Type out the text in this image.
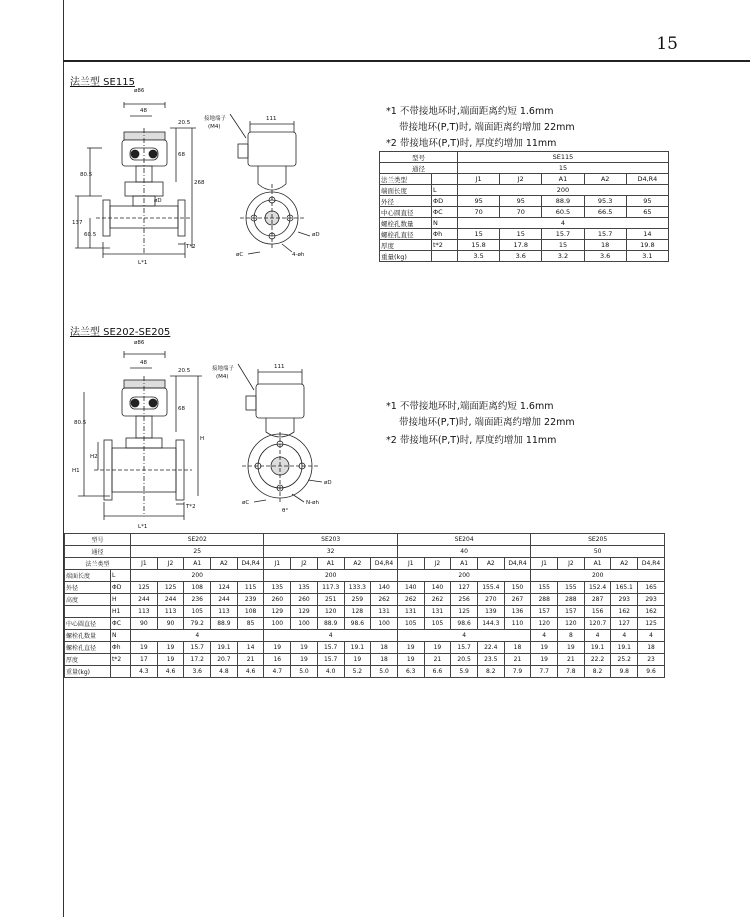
15
法兰型 SE115
ø86
48
20.5
68
268
80.5
137
60.5
øD
L*1
T*2
接地端子
(M4)
111
øD
øC	4-øh
*1 不带接地环时,端面距离约短 1.6mm
带接地环(P,T)时, 端面距离约增加 22mm
*2 带接地环(P,T)时, 厚度约增加 11mm
型号		SE115				
通径		15				
法兰类型		J1	J2	A1	A2	D4,R4
端面长度	L	200				
外径	ΦD	95	95	88.9	95.3	95
中心圆直径	ΦC	70	70	60.5	66.5	65
螺栓孔数量	N	4				
螺栓孔直径	Φh	15	15	15.7	15.7	14
厚度	t*2	15.8	17.8	15	18	19.8
重量(kg)		3.5	3.6	3.2	3.6	3.1
法兰型 SE202-SE205
ø86
48
20.5
68
H
80.5
H1
H2
L*1
T*2
接地端子
(M4)
111
øD
øC
θ°
N-øh
*1 不带接地环时,端面距离约短 1.6mm
带接地环(P,T)时, 端面距离约增加 22mm
*2 带接地环(P,T)时, 厚度约增加 11mm
型号		SE202					SE203					SE204					SE205				
通径		25					32					40					50				
法兰类型		J1	J2	A1	A2	D4,R4	J1	J2	A1	A2	D4,R4	J1	J2	A1	A2	D4,R4	J1	J2	A1	A2	D4,R4
端面长度	L	200					200					200					200				
外径	ΦD	125	125	108	124	115	135	135	117.3	133.3	140	140	140	127	155.4	150	155	155	152.4	165.1	165
高度	H	244	244	236	244	239	260	260	251	259	262	262	262	256	270	267	288	288	287	293	293
	H1	113	113	105	113	108	129	129	120	128	131	131	131	125	139	136	157	157	156	162	162
中心圆直径	ΦC	90	90	79.2	88.9	85	100	100	88.9	98.6	100	105	105	98.6	144.3	110	120	120	120.7	127	125
螺栓孔数量	N	4					4					4					4	8	4	4	4
螺栓孔直径	Φh	19	19	15.7	19.1	14	19	19	15.7	19.1	18	19	19	15.7	22.4	18	19	19	19.1	19.1	18
厚度	t*2	17	19	17.2	20.7	21	16	19	15.7	19	18	19	21	20.5	23.5	21	19	21	22.2	25.2	23
重量(kg)		4.3	4.6	3.6	4.8	4.6	4.7	5.0	4.0	5.2	5.0	6.3	6.6	5.9	8.2	7.9	7.7	7.8	8.2	9.8	9.6
